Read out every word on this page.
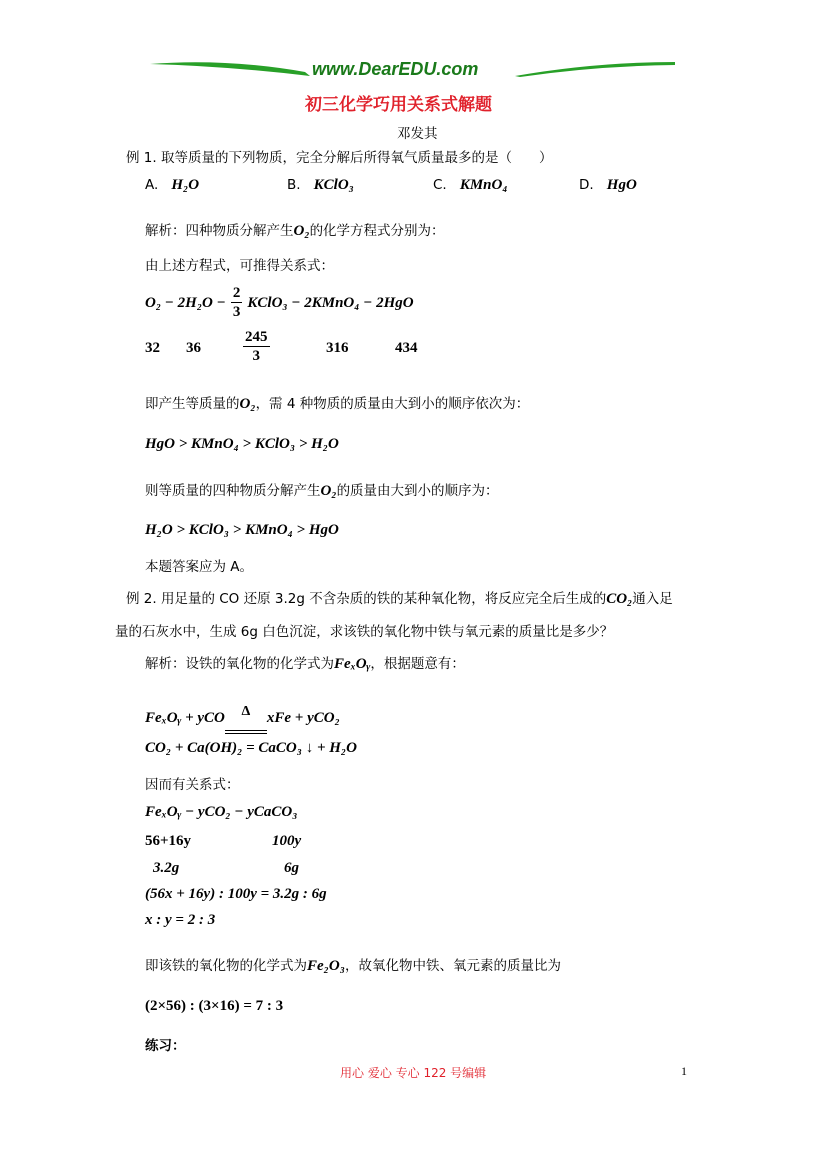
www.DearEDU.com
初三化学巧用关系式解题
邓发其
例 1. 取等质量的下列物质，完全分解后所得氧气质量最多的是（　　）
A. H₂O	B. KClO₃	C. KMnO₄	D. HgO
解析：四种物质分解产生O₂的化学方程式分别为：
由上述方程式，可推得关系式：
$O_2 - 2H_2O - \frac{2}{3}$ KClO₃ − 2KMnO₄ − 2HgO
32 36	$\frac{245}{3}$	316	434
即产生等质量的O₂，需 4 种物质的质量由大到小的顺序依次为：
HgO > KMnO₄ > KClO₃ > H₂O
则等质量的四种物质分解产生O₂的质量由大到小的顺序为：
H₂O > KClO₃ > KMnO₄ > HgO
本题答案应为 A。
例 2. 用足量的 CO 还原 3.2g 不含杂质的铁的某种氧化物，将反应完全后生成的CO₂通入足
量的石灰水中，生成 6g 白色沉淀，求该铁的氧化物中铁与氧元素的质量比是多少？
解析：设铁的氧化物的化学式为FeₓOᵧ，根据题意有：
FeₓOᵧ + yCO	Δ	xFe + yCO₂
CO₂ + Ca(OH)₂ = CaCO₃ ↓ + H₂O
因而有关系式：
FeₓOᵧ − yCO₂ − yCaCO₃
56+16y	100y
3.2g	6g
(56x + 16y) : 100y = 3.2g : 6g
x : y = 2 : 3
即该铁的氧化物的化学式为Fe₂O₃，故氧化物中铁、氧元素的质量比为
(2×56) : (3×16) = 7 : 3
练习：
用心 爱心 专心 122 号编辑	1
